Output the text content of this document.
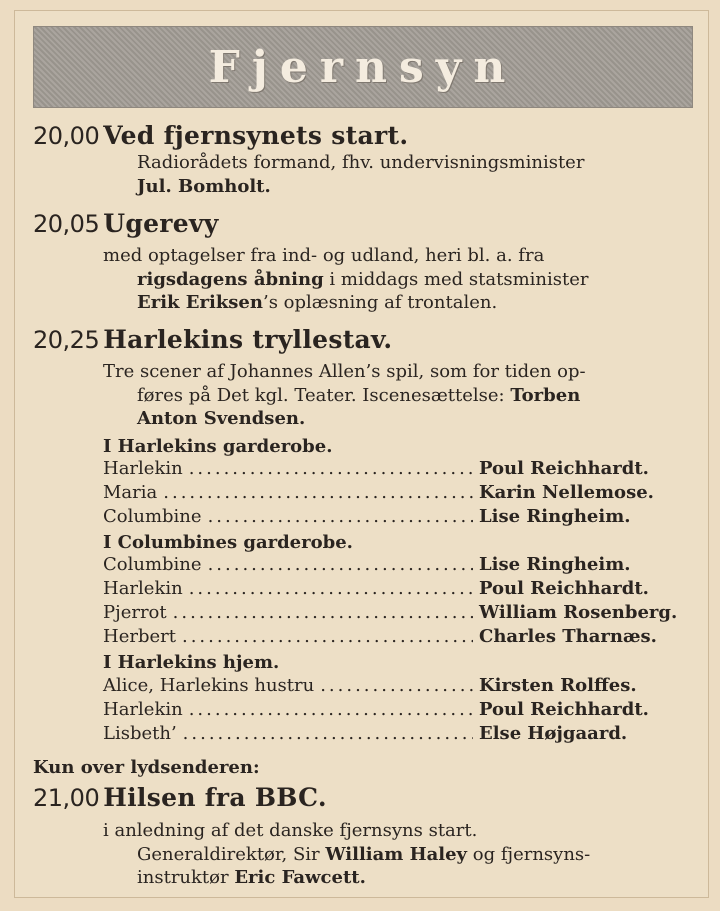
Fjernsyn
20,00 Ved fjernsynets start.
Radiorådets formand, fhv. undervisningsminister
Jul. Bomholt.
20,05 Ugerevy
med optagelser fra ind- og udland, heri bl. a. fra
rigsdagens åbning i middags med statsminister
Erik Eriksen’s oplæsning af trontalen.
20,25 Harlekins tryllestav.
Tre scener af Johannes Allen’s spil, som for tiden op-
føres på Det kgl. Teater. Iscenesættelse: Torben
Anton Svendsen.
I Harlekins garderobe.
Harlekin .....	Poul Reichhardt.
Maria .....	Karin Nellemose.
Columbine .....	Lise Ringheim.
I Columbines garderobe.
Columbine .....	Lise Ringheim.
Harlekin .....	Poul Reichhardt.
Pjerrot .....	William Rosenberg.
Herbert .....	Charles Tharnæs.
I Harlekins hjem.
Alice, Harlekins hustru .....	Kirsten Rolffes.
Harlekin .....	Poul Reichhardt.
Lisbeth’ .....	Else Højgaard.
Kun over lydsenderen:
21,00 Hilsen fra BBC.
i anledning af det danske fjernsyns start.
Generaldirektør, Sir William Haley og fjernsyns-
instruktør Eric Fawcett.
